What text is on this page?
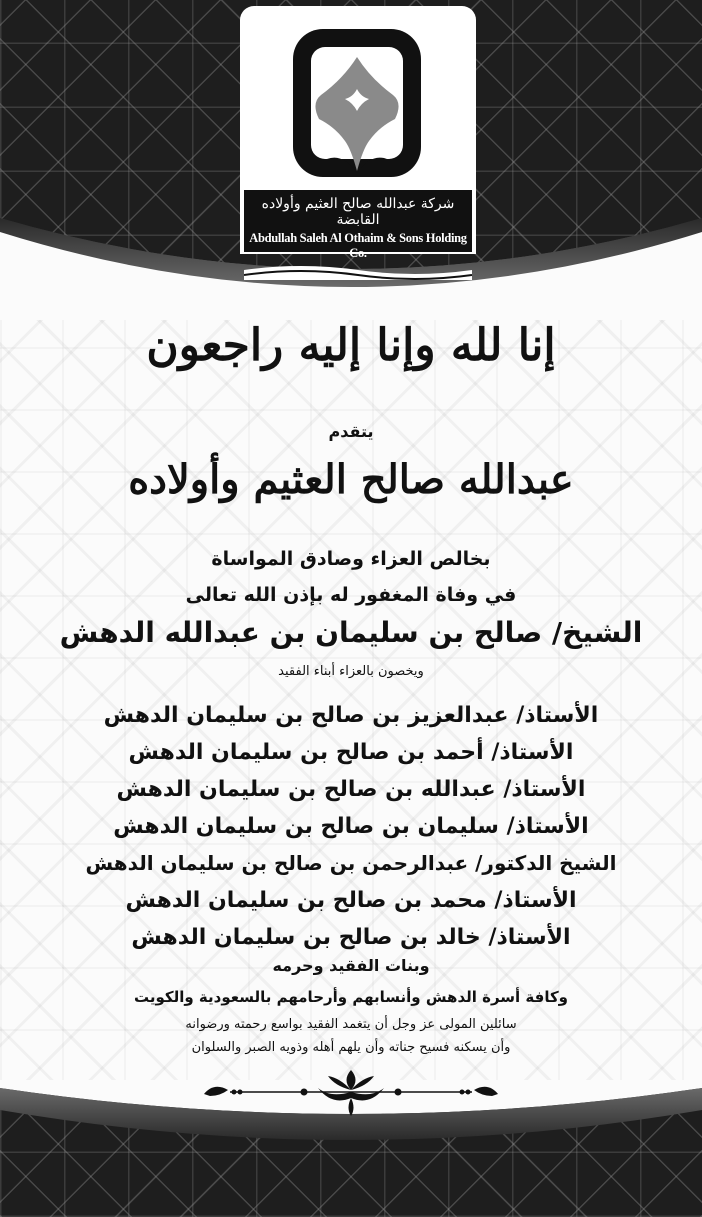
شركة عبدالله صالح العثيم وأولاده القابضة
Abdullah Saleh Al Othaim & Sons Holding Co.
إنا لله وإنا إليه راجعون
يتقدم
عبدالله صالح العثيم وأولاده
بخالص العزاء وصادق المواساة
في وفاة المغفور له بإذن الله تعالى
الشيخ/ صالح بن سليمان بن عبدالله الدهش
ويخصون بالعزاء أبناء الفقيد
الأستاذ/ عبدالعزيز بن صالح بن سليمان الدهش
الأستاذ/ أحمد بن صالح بن سليمان الدهش
الأستاذ/ عبدالله بن صالح بن سليمان الدهش
الأستاذ/ سليمان بن صالح بن سليمان الدهش
الشيخ الدكتور/ عبدالرحمن بن صالح بن سليمان الدهش
الأستاذ/ محمد بن صالح بن سليمان الدهش
الأستاذ/ خالد بن صالح بن سليمان الدهش
وبنات الفقيد وحرمه
وكافة أسرة الدهش وأنسابهم وأرحامهم بالسعودية والكويت
سائلين المولى عز وجل أن يتغمد الفقيد بواسع رحمته ورضوانه
وأن يسكنه فسيح جناته وأن يلهم أهله وذويه الصبر والسلوان
